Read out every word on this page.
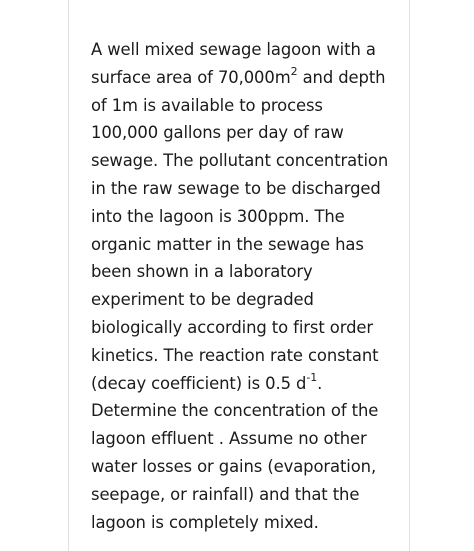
A well mixed sewage lagoon with a
surface area of $70,000m^2$ and depth
of 1m is available to process
100,000 gallons per day of raw
sewage. The pollutant concentration
in the raw sewage to be discharged
into the lagoon is 300ppm. The
organic matter in the sewage has
been shown in a laboratory
experiment to be degraded
biologically according to first order
kinetics. The reaction rate constant
(decay coefficient) is 0.5 $d^{-1}$.
Determine the concentration of the
lagoon effluent . Assume no other
water losses or gains (evaporation,
seepage, or rainfall) and that the
lagoon is completely mixed.
